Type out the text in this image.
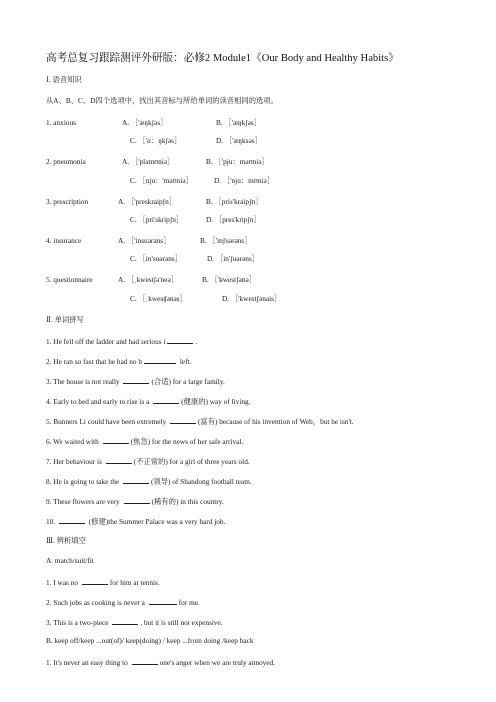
高考总复习跟踪测评外研版：必修2 Module1《Our Body and Healthy Habits》
Ⅰ. 语音知识
从A、B、C、D四个选项中，找出其音标与所给单词的读音相同的选项。
1. anxious	A. ［'æŋkʃəs］	B. ［'æŋkʃəs］
C. ［'ɑ：ŋkʃəs］	D. ［'æŋksəs］
2. pneumonia	A. ［'pləmʊniə］	B. ［'pju：məʊniə］
C. ［nju：'məʊniə］	D. ［'nju：mʊniə］
3. prescription	A. ［'preskraipʃn］	B. ［pris'kraipʃn］
C. ［pri'skripʃn］	D. ［pres'kripʃn］
4. insurance	A. ［'insuərəns］	B. ［'inʃuərəns］
C. ［in'suərəns］	D. ［in'ʃuərəns］
5. questionnaire	A. ［ˌkwestʃə'neə］	B. ［'kwestʃənə］
C. ［ˌkwesʧənəs］	D. ［'kwestʃənəis］
Ⅱ. 单词拼写
1. He fell off the ladder and had serious i	.
2. He ran so fast that he had no b	left.
3. The house is not really	(合适) for a large family.
4. Early to bed and early to rise is a	(健康的) way of living.
5. Bunners Li could have been extremely	(富有) because of his invention of Web，but he isn't.
6. We waited with	(焦急) for the news of her safe arrival.
7. Her behaviour is	(不正常的) for a girl of three years old.
8. He is going to take the	(领导) of Shandong football team.
9. These flowers are very	(稀有的) in this country.
10.	(修建)the Summer Palace was a very hard job.
Ⅲ. 辨析填空
A. match/suit/fit
1. I was no	for him at tennis.
2. Such jobs as cooking is never a	for me.
3. This is a two-piece	, but it is still not expensive.
B. keep off/keep ...out(of)/ keep(doing) / keep ...from doing /keep back
1. It's never an easy thing to	one's anger when we are truly annoyed.
